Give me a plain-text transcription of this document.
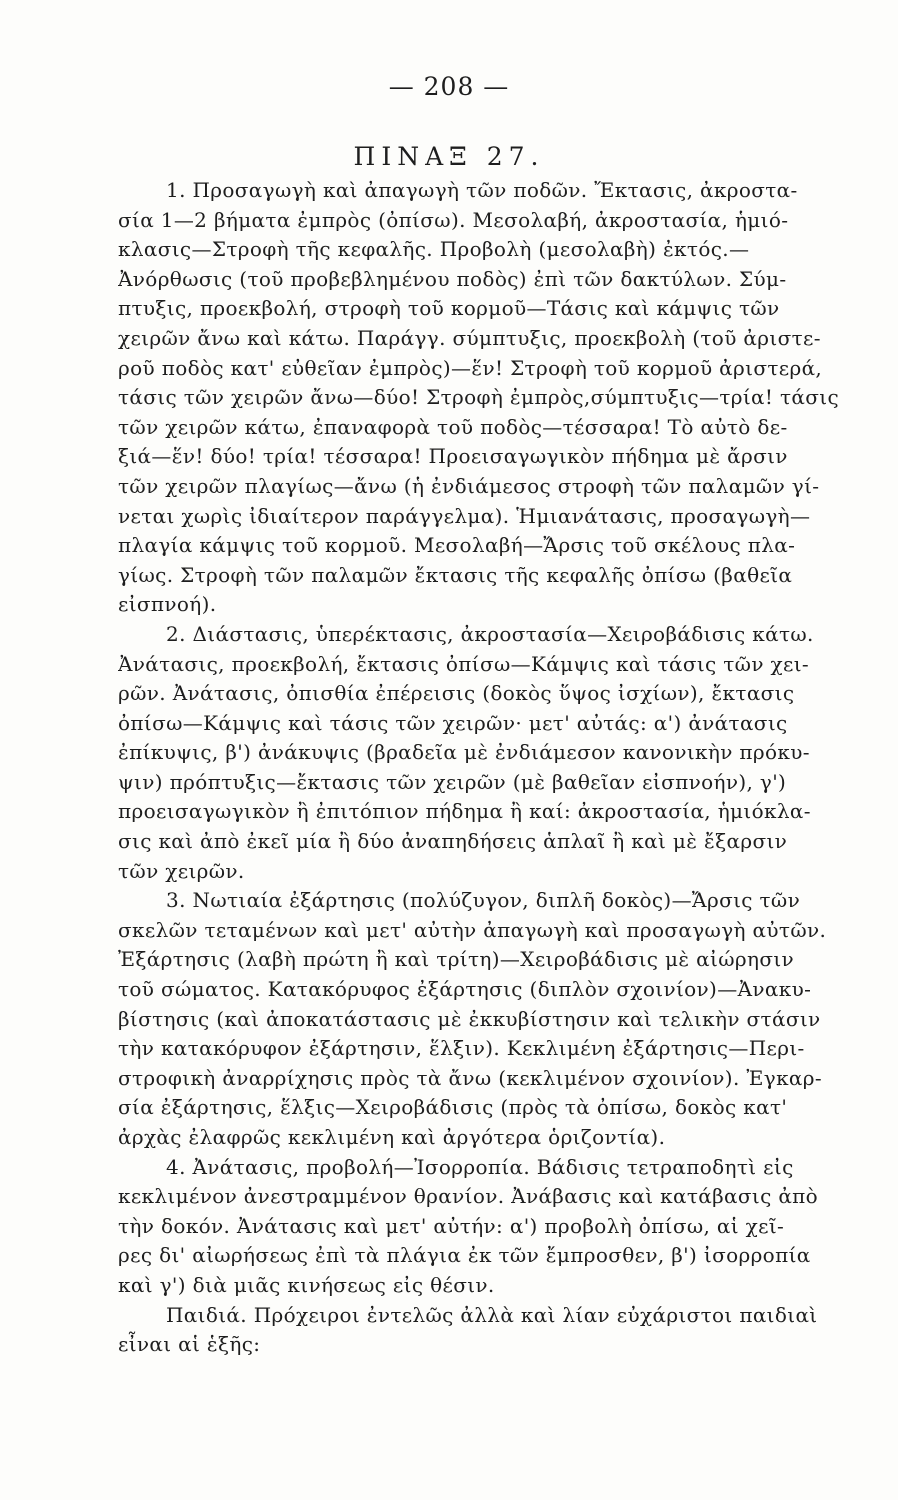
— 208 —
ΠΙΝΑΞ 27.
1. Προσαγωγὴ καὶ ἀπαγωγὴ τῶν ποδῶν. Ἔκτασις, ἀκροστα-
σία 1—2 βήματα ἐμπρὸς (ὀπίσω). Μεσολαβή, ἀκροστασία, ἡμιό-
κλασις—Στροφὴ τῆς κεφαλῆς. Προβολὴ (μεσολαβὴ) ἐκτός.—
Ἀνόρθωσις (τοῦ προβεβλημένου ποδὸς) ἐπὶ τῶν δακτύλων. Σύμ-
πτυξις, προεκβολή, στροφὴ τοῦ κορμοῦ—Τάσις καὶ κάμψις τῶν
χειρῶν ἄνω καὶ κάτω. Παράγγ. σύμπτυξις, προεκβολὴ (τοῦ ἀριστε-
ροῦ ποδὸς κατ' εὐθεῖαν ἐμπρὸς)—ἕν! Στροφὴ τοῦ κορμοῦ ἀριστερά,
τάσις τῶν χειρῶν ἄνω—δύο! Στροφὴ ἐμπρὸς,σύμπτυξις—τρία! τάσις
τῶν χειρῶν κάτω, ἐπαναφορὰ τοῦ ποδὸς—τέσσαρα! Τὸ αὐτὸ δε-
ξιά—ἕν! δύο! τρία! τέσσαρα! Προεισαγωγικὸν πήδημα μὲ ἄρσιν
τῶν χειρῶν πλαγίως—ἄνω (ἡ ἐνδιάμεσος στροφὴ τῶν παλαμῶν γί-
νεται χωρὶς ἰδιαίτερον παράγγελμα). Ἡμιανάτασις, προσαγωγὴ—
πλαγία κάμψις τοῦ κορμοῦ. Μεσολαβή—Ἄρσις τοῦ σκέλους πλα-
γίως. Στροφὴ τῶν παλαμῶν ἔκτασις τῆς κεφαλῆς ὀπίσω (βαθεῖα
εἰσπνοή).
2. Διάστασις, ὑπερέκτασις, ἀκροστασία—Χειροβάδισις κάτω.
Ἀνάτασις, προεκβολή, ἔκτασις ὀπίσω—Κάμψις καὶ τάσις τῶν χει-
ρῶν. Ἀνάτασις, ὀπισθία ἐπέρεισις (δοκὸς ὕψος ἰσχίων), ἔκτασις
ὀπίσω—Κάμψις καὶ τάσις τῶν χειρῶν· μετ' αὐτάς: α') ἀνάτασις
ἐπίκυψις, β') ἀνάκυψις (βραδεῖα μὲ ἐνδιάμεσον κανονικὴν πρόκυ-
ψιν) πρόπτυξις—ἔκτασις τῶν χειρῶν (μὲ βαθεῖαν εἰσπνοήν), γ')
προεισαγωγικὸν ἢ ἐπιτόπιον πήδημα ἢ καί: ἀκροστασία, ἡμιόκλα-
σις καὶ ἀπὸ ἐκεῖ μία ἢ δύο ἀναπηδήσεις ἁπλαῖ ἢ καὶ μὲ ἔξαρσιν
τῶν χειρῶν.
3. Νωτιαία ἐξάρτησις (πολύζυγον, διπλῆ δοκὸς)—Ἄρσις τῶν
σκελῶν τεταμένων καὶ μετ' αὐτὴν ἀπαγωγὴ καὶ προσαγωγὴ αὐτῶν.
Ἐξάρτησις (λαβὴ πρώτη ἢ καὶ τρίτη)—Χειροβάδισις μὲ αἰώρησιν
τοῦ σώματος. Κατακόρυφος ἐξάρτησις (διπλὸν σχοινίον)—Ἀνακυ-
βίστησις (καὶ ἀποκατάστασις μὲ ἐκκυβίστησιν καὶ τελικὴν στάσιν
τὴν κατακόρυφον ἐξάρτησιν, ἕλξιν). Κεκλιμένη ἐξάρτησις—Περι-
στροφικὴ ἀναρρίχησις πρὸς τὰ ἄνω (κεκλιμένον σχοινίον). Ἐγκαρ-
σία ἐξάρτησις, ἕλξις—Χειροβάδισις (πρὸς τὰ ὀπίσω, δοκὸς κατ'
ἀρχὰς ἐλαφρῶς κεκλιμένη καὶ ἀργότερα ὁριζοντία).
4. Ἀνάτασις, προβολή—Ἰσορροπία. Βάδισις τετραποδητὶ εἰς
κεκλιμένον ἀνεστραμμένον θρανίον. Ἀνάβασις καὶ κατάβασις ἀπὸ
τὴν δοκόν. Ἀνάτασις καὶ μετ' αὐτήν: α') προβολὴ ὀπίσω, αἱ χεῖ-
ρες δι' αἰωρήσεως ἐπὶ τὰ πλάγια ἐκ τῶν ἔμπροσθεν, β') ἰσορροπία
καὶ γ') διὰ μιᾶς κινήσεως εἰς θέσιν.
Παιδιά. Πρόχειροι ἐντελῶς ἀλλὰ καὶ λίαν εὐχάριστοι παιδιαὶ
εἶναι αἱ ἑξῆς:
